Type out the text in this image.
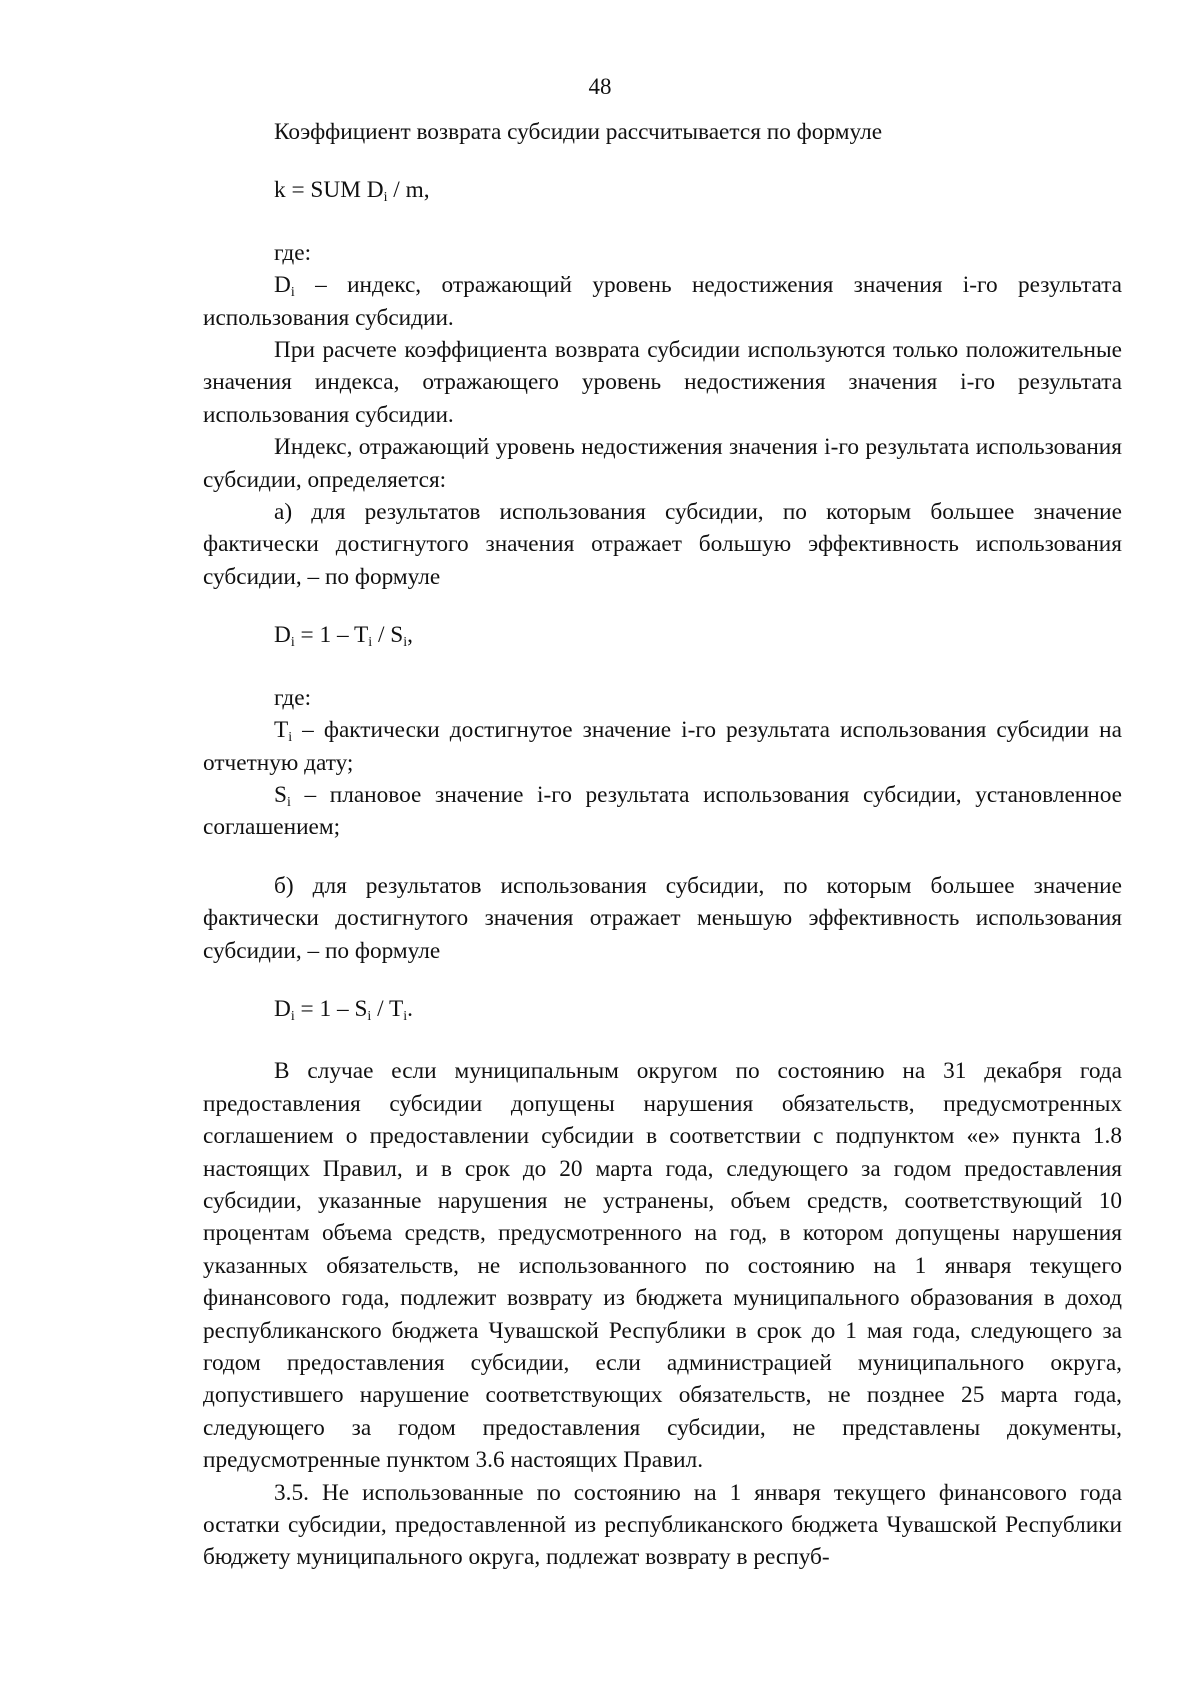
48

Коэффициент возврата субсидии рассчитывается по формуле

k = SUM $D_i$ / m,

где:

$D_i$ – индекс, отражающий уровень недостижения значения i-го результата использования субсидии.

При расчете коэффициента возврата субсидии используются только положительные значения индекса, отражающего уровень недостижения значения i-го результата использования субсидии.

Индекс, отражающий уровень недостижения значения i-го результата использования субсидии, определяется:

а) для результатов использования субсидии, по которым большее значение фактически достигнутого значения отражает большую эффективность использования субсидии, – по формуле

$D_i = 1 - T_i / S_i$,

где:

$T_i$ – фактически достигнутое значение i-го результата использования субсидии на отчетную дату;

$S_i$ – плановое значение i-го результата использования субсидии, установленное соглашением;

б) для результатов использования субсидии, по которым большее значение фактически достигнутого значения отражает меньшую эффективность использования субсидии, – по формуле

$D_i = 1 - S_i / T_i$.

В случае если муниципальным округом по состоянию на 31 декабря года предоставления субсидии допущены нарушения обязательств, предусмотренных соглашением о предоставлении субсидии в соответствии с подпунктом «е» пункта 1.8 настоящих Правил, и в срок до 20 марта года, следующего за годом предоставления субсидии, указанные нарушения не устранены, объем средств, соответствующий 10 процентам объема средств, предусмотренного на год, в котором допущены нарушения указанных обязательств, не использованного по состоянию на 1 января текущего финансового года, подлежит возврату из бюджета муниципального образования в доход республиканского бюджета Чувашской Республики в срок до 1 мая года, следующего за годом предоставления субсидии, если администрацией муниципального округа, допустившего нарушение соответствующих обязательств, не позднее 25 марта года, следующего за годом предоставления субсидии, не представлены документы, предусмотренные пунктом 3.6 настоящих Правил.

3.5. Не использованные по состоянию на 1 января текущего финансового года остатки субсидии, предоставленной из республиканского бюджета Чувашской Республики бюджету муниципального округа, подлежат возврату в респуб-
